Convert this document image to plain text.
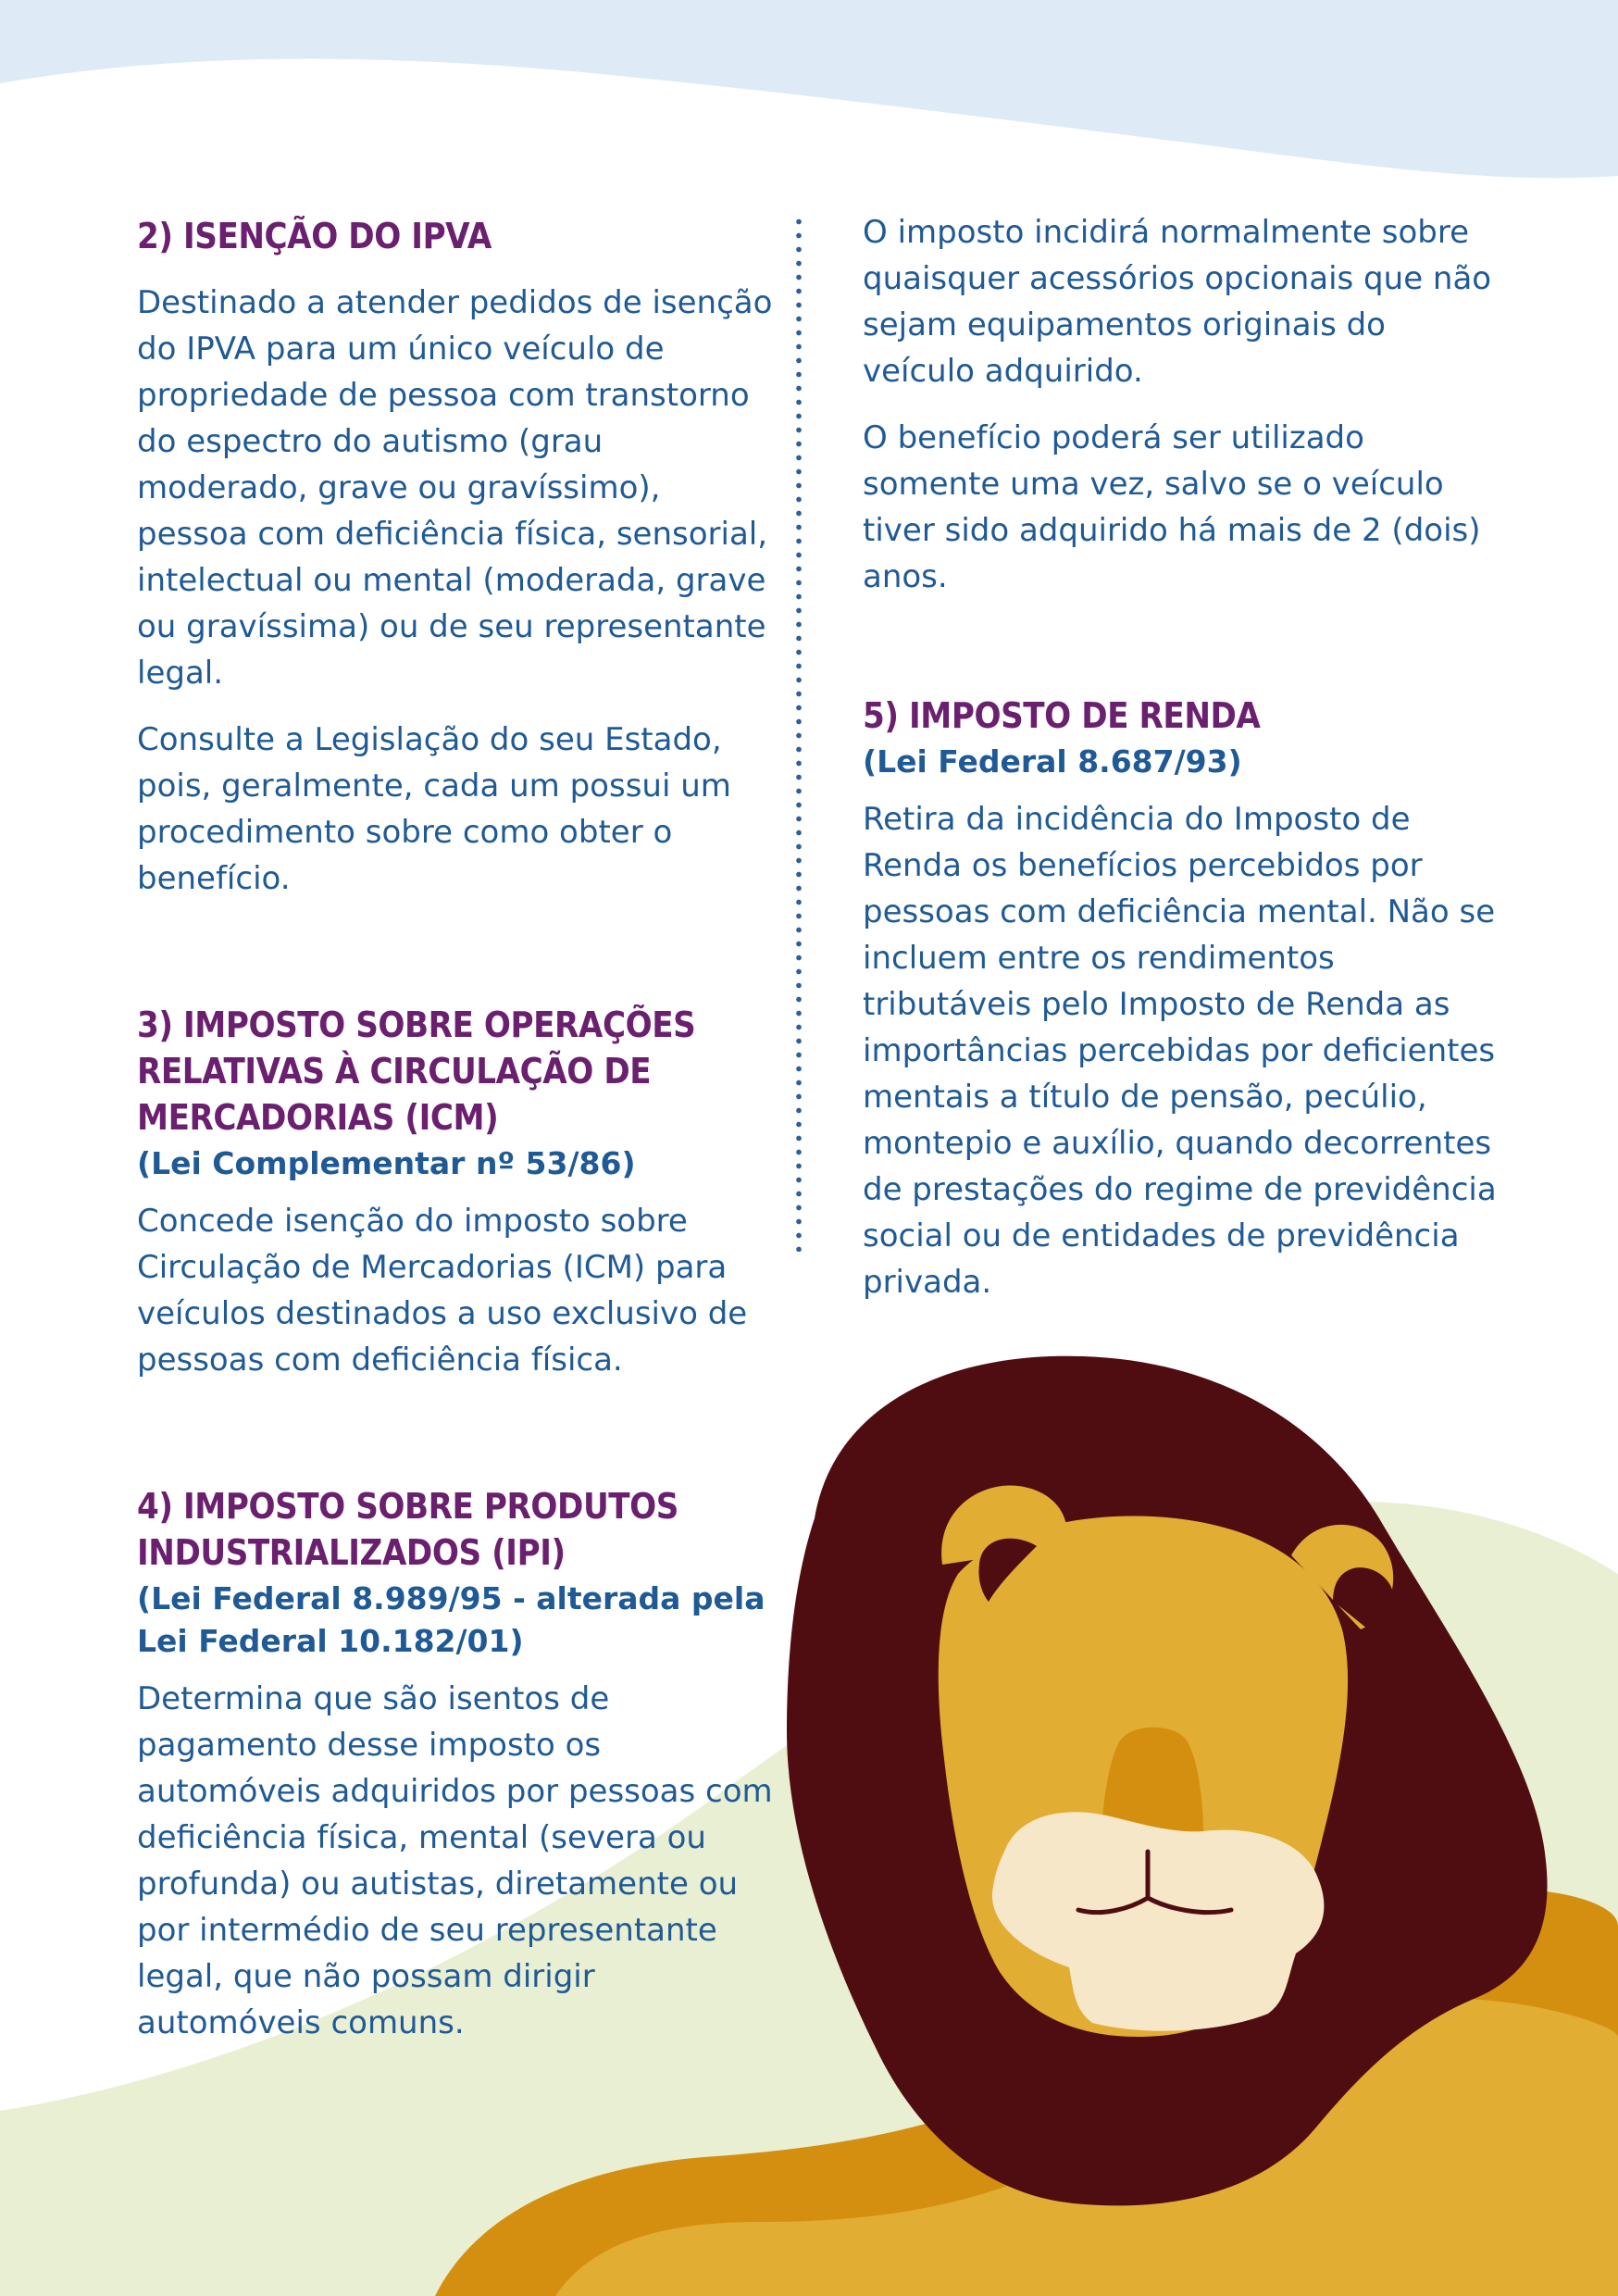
2) ISENÇÃO DO IPVA

Destinado a atender pedidos de isenção do IPVA para um único veículo de propriedade de pessoa com transtorno do espectro do autismo (grau moderado, grave ou gravíssimo), pessoa com deficiência física, sensorial, intelectual ou mental (moderada, grave ou gravíssima) ou de seu representante legal.

Consulte a Legislação do seu Estado, pois, geralmente, cada um possui um procedimento sobre como obter o benefício.

3) IMPOSTO SOBRE OPERAÇÕES RELATIVAS À CIRCULAÇÃO DE MERCADORIAS (ICM)
(Lei Complementar nº 53/86)

Concede isenção do imposto sobre Circulação de Mercadorias (ICM) para veículos destinados a uso exclusivo de pessoas com deficiência física.

4) IMPOSTO SOBRE PRODUTOS INDUSTRIALIZADOS (IPI)
(Lei Federal 8.989/95 - alterada pela Lei Federal 10.182/01)

Determina que são isentos de pagamento desse imposto os automóveis adquiridos por pessoas com deficiência física, mental (severa ou profunda) ou autistas, diretamente ou por intermédio de seu representante legal, que não possam dirigir automóveis comuns.

O imposto incidirá normalmente sobre quaisquer acessórios opcionais que não sejam equipamentos originais do veículo adquirido.

O benefício poderá ser utilizado somente uma vez, salvo se o veículo tiver sido adquirido há mais de 2 (dois) anos.

5) IMPOSTO DE RENDA
(Lei Federal 8.687/93)

Retira da incidência do Imposto de Renda os benefícios percebidos por pessoas com deficiência mental. Não se incluem entre os rendimentos tributáveis pelo Imposto de Renda as importâncias percebidas por deficientes mentais a título de pensão, pecúlio, montepio e auxílio, quando decorrentes de prestações do regime de previdência social ou de entidades de previdência privada.
